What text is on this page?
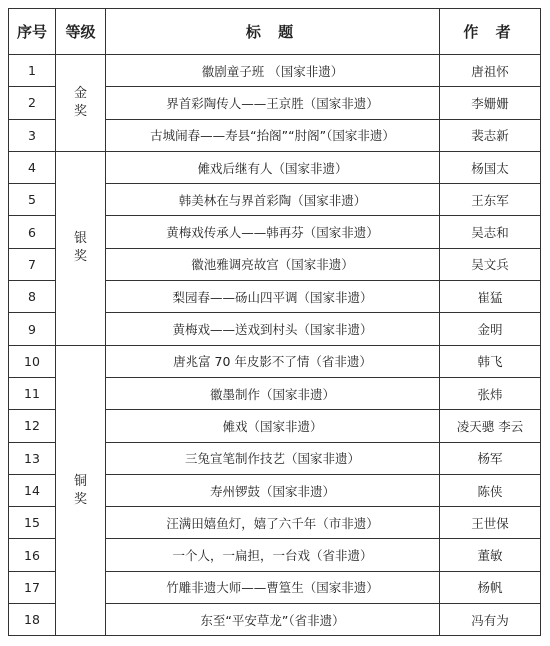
序号	等级	标 题	作 者
1	金奖	徽剧童子班 （国家非遗）	唐祖怀
2		界首彩陶传人——王京胜（国家非遗）	李姗姗
3		古城闹春——寿县“抬阁”“肘阁”（国家非遗）	裴志新
4	银奖	傩戏后继有人（国家非遗）	杨国太
5		韩美林在与界首彩陶（国家非遗）	王东军
6		黄梅戏传承人——韩再芬（国家非遗）	吴志和
7		徽池雅调亮故宫（国家非遗）	吴文兵
8		梨园春——砀山四平调（国家非遗）	崔猛
9		黄梅戏——送戏到村头（国家非遗）	金明
10	铜奖	唐兆富 70 年皮影不了情（省非遗）	韩飞
11		徽墨制作（国家非遗）	张炜
12		傩戏（国家非遗）	凌天骢 李云
13		三兔宣笔制作技艺（国家非遗）	杨军
14		寿州锣鼓（国家非遗）	陈侠
15		汪满田嬉鱼灯，嬉了六千年（市非遗）	王世保
16		一个人，一扁担，一台戏（省非遗）	董敏
17		竹雕非遗大师——曹篁生（国家非遗）	杨帆
18		东至“平安草龙”（省非遗）	冯有为
